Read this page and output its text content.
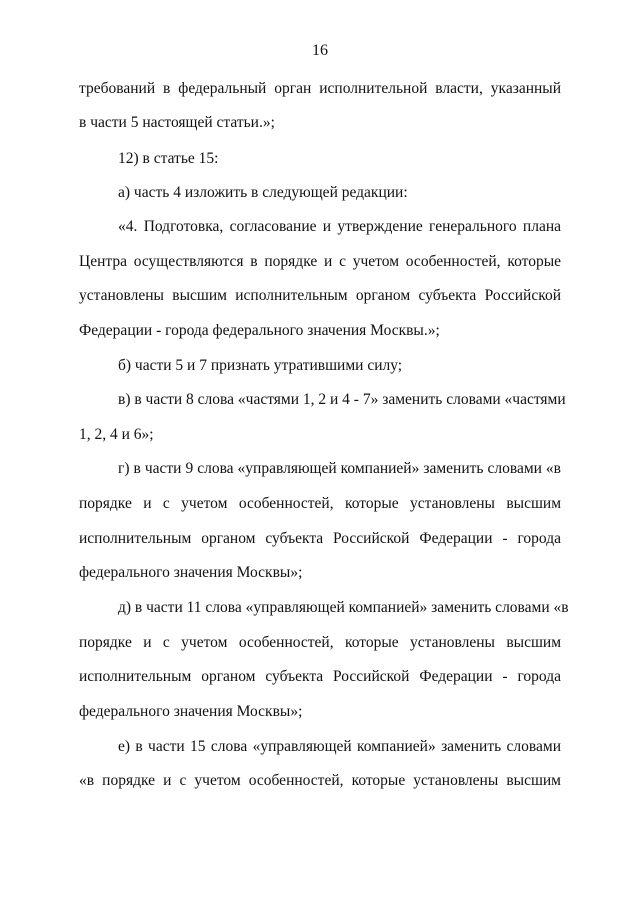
16
требований в федеральный орган исполнительной власти, указанный
в части 5 настоящей статьи.»;
12) в статье 15:
а) часть 4 изложить в следующей редакции:
«4. Подготовка, согласование и утверждение генерального плана
Центра осуществляются в порядке и с учетом особенностей, которые
установлены высшим исполнительным органом субъекта Российской
Федерации - города федерального значения Москвы.»;
б) части 5 и 7 признать утратившими силу;
в) в части 8 слова «частями 1, 2 и 4 - 7» заменить словами «частями
1, 2, 4 и 6»;
г) в части 9 слова «управляющей компанией» заменить словами «в
порядке и с учетом особенностей, которые установлены высшим
исполнительным органом субъекта Российской Федерации - города
федерального значения Москвы»;
д) в части 11 слова «управляющей компанией» заменить словами «в
порядке и с учетом особенностей, которые установлены высшим
исполнительным органом субъекта Российской Федерации - города
федерального значения Москвы»;
е) в части 15 слова «управляющей компанией» заменить словами
«в порядке и с учетом особенностей, которые установлены высшим
